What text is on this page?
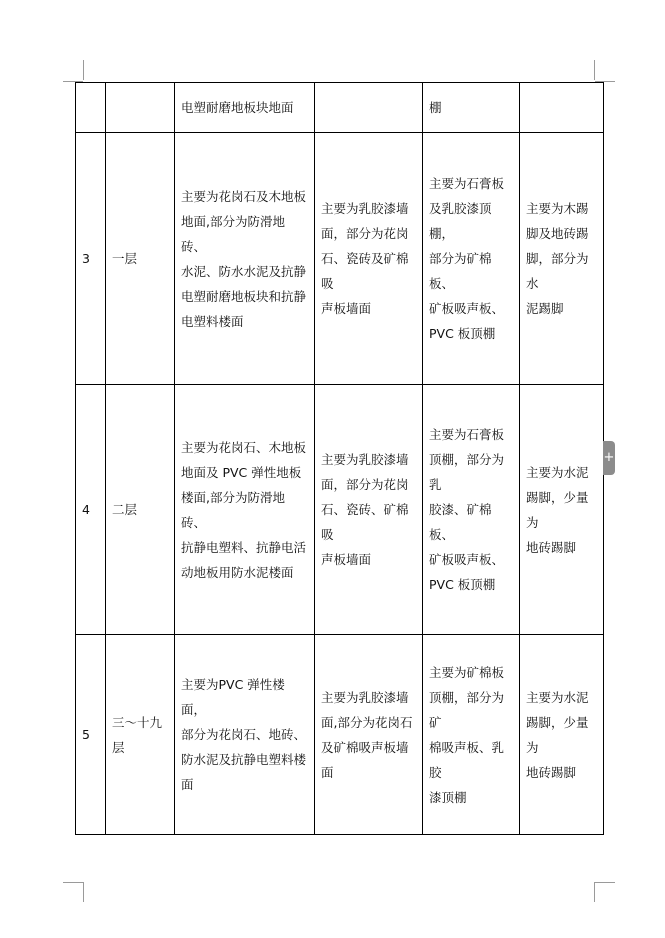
		电塑耐磨地板块地面		棚	

3	一层	主要为花岗石及木地板
地面,部分为防滑地砖、
水泥、防水水泥及抗静
电塑耐磨地板块和抗静
电塑料楼面	主要为乳胶漆墙
面，部分为花岗
石、瓷砖及矿棉吸
声板墙面	主要为石膏板
及乳胶漆顶棚，
部分为矿棉板、
矿板吸声板、
PVC 板顶棚	主要为木踢
脚及地砖踢
脚，部分为水
泥踢脚

4	二层	主要为花岗石、木地板
地面及 PVC 弹性地板
楼面,部分为防滑地砖、
抗静电塑料、抗静电活
动地板用防水泥楼面	主要为乳胶漆墙
面，部分为花岗
石、瓷砖、矿棉吸
声板墙面	主要为石膏板
顶棚，部分为乳
胶漆、矿棉板、
矿板吸声板、
PVC 板顶棚	主要为水泥
踢脚，少量为
地砖踢脚

5	三～十九
层	主要为PVC 弹性楼面，
部分为花岗石、地砖、
防水泥及抗静电塑料楼
面	主要为乳胶漆墙
面,部分为花岗石
及矿棉吸声板墙
面	主要为矿棉板
顶棚，部分为矿
棉吸声板、乳胶
漆顶棚	主要为水泥
踢脚，少量为
地砖踢脚
+
